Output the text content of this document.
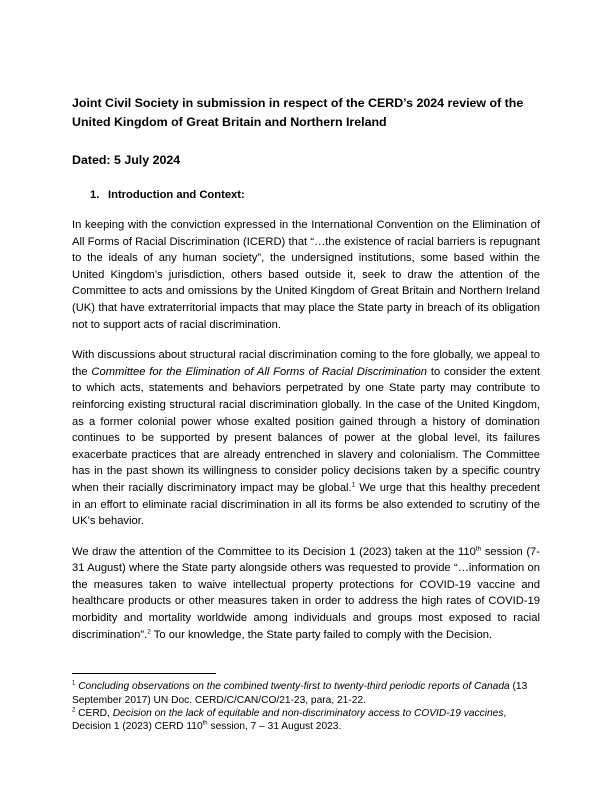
Joint Civil Society in submission in respect of the CERD’s 2024 review of the United Kingdom of Great Britain and Northern Ireland

Dated: 5 July 2024

1. Introduction and Context:

In keeping with the conviction expressed in the International Convention on the Elimination of All Forms of Racial Discrimination (ICERD) that “…the existence of racial barriers is repugnant to the ideals of any human society”, the undersigned institutions, some based within the United Kingdom’s jurisdiction, others based outside it, seek to draw the attention of the Committee to acts and omissions by the United Kingdom of Great Britain and Northern Ireland (UK) that have extraterritorial impacts that may place the State party in breach of its obligation not to support acts of racial discrimination.

With discussions about structural racial discrimination coming to the fore globally, we appeal to the Committee for the Elimination of All Forms of Racial Discrimination to consider the extent to which acts, statements and behaviors perpetrated by one State party may contribute to reinforcing existing structural racial discrimination globally. In the case of the United Kingdom, as a former colonial power whose exalted position gained through a history of domination continues to be supported by present balances of power at the global level, its failures exacerbate practices that are already entrenched in slavery and colonialism. The Committee has in the past shown its willingness to consider policy decisions taken by a specific country when their racially discriminatory impact may be global.$^1$ We urge that this healthy precedent in an effort to eliminate racial discrimination in all its forms be also extended to scrutiny of the UK’s behavior.

We draw the attention of the Committee to its Decision 1 (2023) taken at the 110th session (7-31 August) where the State party alongside others was requested to provide “…information on the measures taken to waive intellectual property protections for COVID-19 vaccine and healthcare products or other measures taken in order to address the high rates of COVID-19 morbidity and mortality worldwide among individuals and groups most exposed to racial discrimination”.$^2$ To our knowledge, the State party failed to comply with the Decision.

$^1$ Concluding observations on the combined twenty-first to twenty-third periodic reports of Canada (13 September 2017) UN Doc. CERD/C/CAN/CO/21-23, para, 21-22.

$^2$ CERD, Decision on the lack of equitable and non-discriminatory access to COVID-19 vaccines, Decision 1 (2023) CERD 110th session, 7 – 31 August 2023.
